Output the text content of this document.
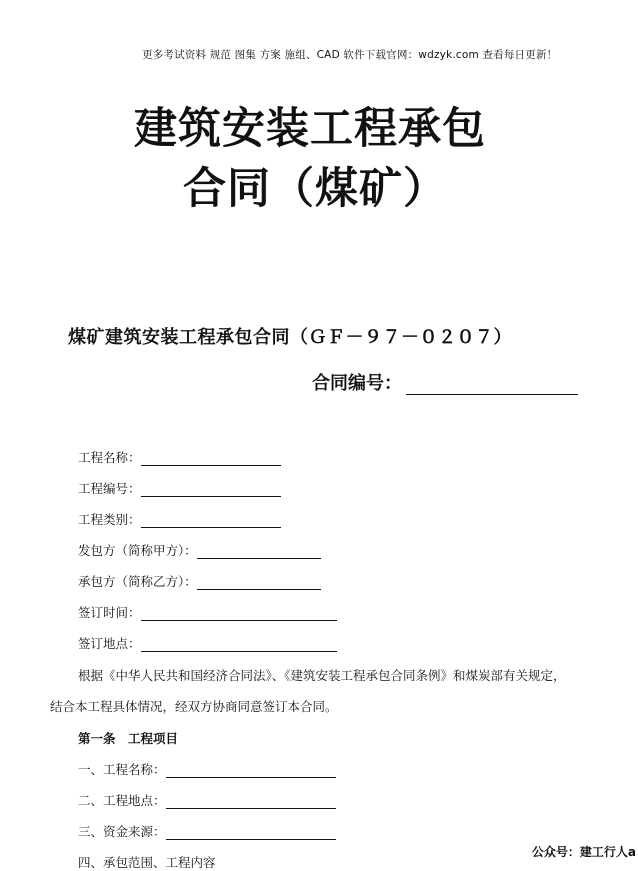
更多考试资料 规范 图集 方案 施组、CAD 软件下载官网：wdzyk.com 查看每日更新！
建筑安装工程承包
合同（煤矿）
煤矿建筑安装工程承包合同（ＧＦ－９７－０２０７）
合同编号：
工程名称：
工程编号：
工程类别：
发包方（简称甲方）：
承包方（简称乙方）：
签订时间：
签订地点：
根据《中华人民共和国经济合同法》、《建筑安装工程承包合同条例》和煤炭部有关规定，
结合本工程具体情况，经双方协商同意签订本合同。
第一条　工程项目
一、工程名称：
二、工程地点：
三、资金来源：
四、承包范围、工程内容
公众号：建工行人a
